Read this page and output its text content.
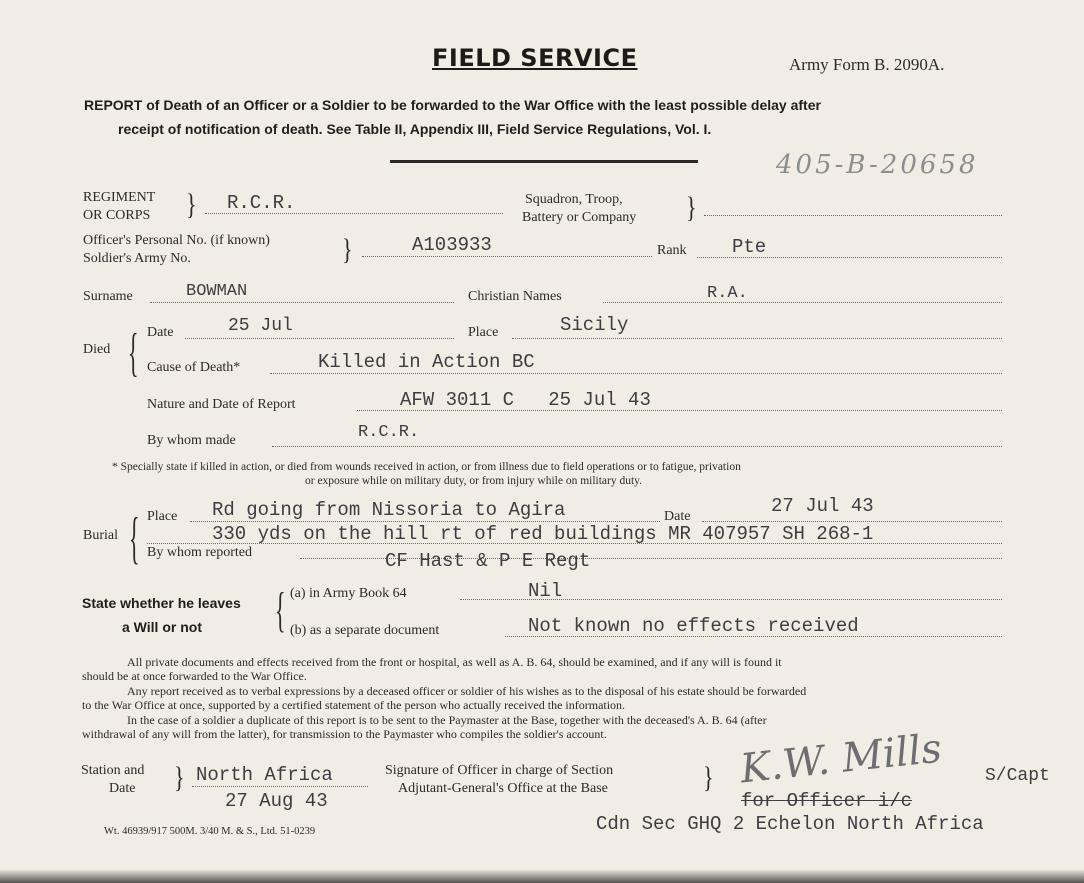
FIELD SERVICE	Army Form B. 2090A.
REPORT of Death of an Officer or a Soldier to be forwarded to the War Office with the least possible delay after
receipt of notification of death. See Table II, Appendix III, Field Service Regulations, Vol. I.
405-B-20658
REGIMENT
OR CORPS } R.C.R.	Squadron, Troop,
Battery or Company }
Officer's Personal No. (if known)
Soldier's Army No.	}	A103933	Rank Pte
Surname	BOWMAN	Christian Names	R.A.
Died { Date	25 Jul	Place	Sicily
Cause of Death*	Killed in Action BC
Nature and Date of Report	AFW 3011 C   25 Jul 43
By whom made	R.C.R.
* Specially state if killed in action, or died from wounds received in action, or from illness due to field operations or to fatigue, privation
or exposure while on military duty, or from injury while on military duty.
Burial { Place Rd going from Nissoria to Agira	Date	27 Jul 43
330 yds on the hill rt of red buildings MR 407957 SH 268-1
By whom reported	CF Hast & P E Regt
State whether he leaves
a Will or not	{ (a) in Army Book 64	Nil
(b) as a separate document	Not known no effects received
All private documents and effects received from the front or hospital, as well as A. B. 64, should be examined, and if any will is found it
should be at once forwarded to the War Office.
Any report received as to verbal expressions by a deceased officer or soldier of his wishes as to the disposal of his estate should be forwarded
to the War Office at once, supported by a certified statement of the person who actually received the information.
In the case of a soldier a duplicate of this report is to be sent to the Paymaster at the Base, together with the deceased's A. B. 64 (after
withdrawal of any will from the latter), for transmission to the Paymaster who compiles the soldier's account.
Station and
Date } North Africa
27 Aug 43
Signature of Officer in charge of Section
Adjutant-General's Office at the Base	} K.W. Mills S/Capt
for Officer i/c
Cdn Sec GHQ 2 Echelon North Africa
Wt. 46939/917 500M. 3/40 M. & S., Ltd. 51-0239
